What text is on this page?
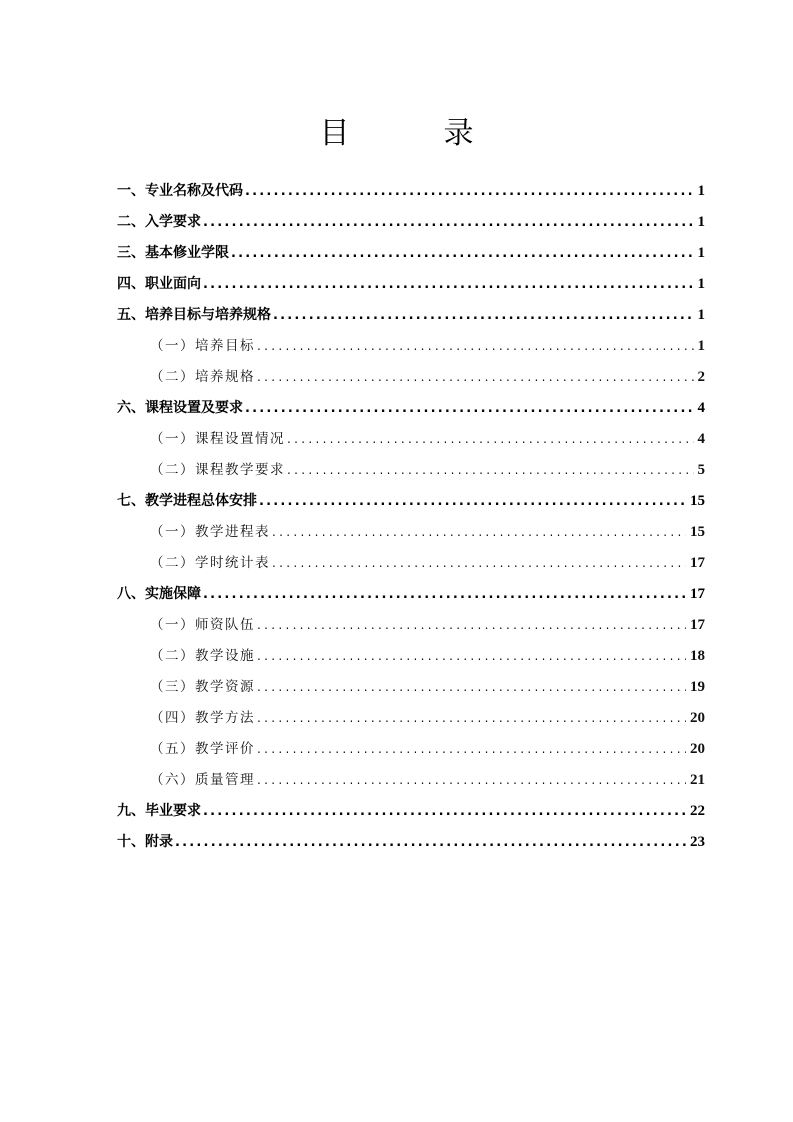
目　录
一、专业名称及代码 .....	1
二、入学要求 .....	1
三、基本修业学限 .....	1
四、职业面向 .....	1
五、培养目标与培养规格 .....	1
（一）培养目标 .....	1
（二）培养规格 .....	2
六、课程设置及要求 .....	4
（一）课程设置情况 .....	4
（二）课程教学要求 .....	5
七、教学进程总体安排 .....	15
（一）教学进程表 .....	15
（二）学时统计表 .....	17
八、实施保障 .....	17
（一）师资队伍 .....	17
（二）教学设施 .....	18
（三）教学资源 .....	19
（四）教学方法 .....	20
（五）教学评价 .....	20
（六）质量管理 .....	21
九、毕业要求 .....	22
十、附录 .....	23
